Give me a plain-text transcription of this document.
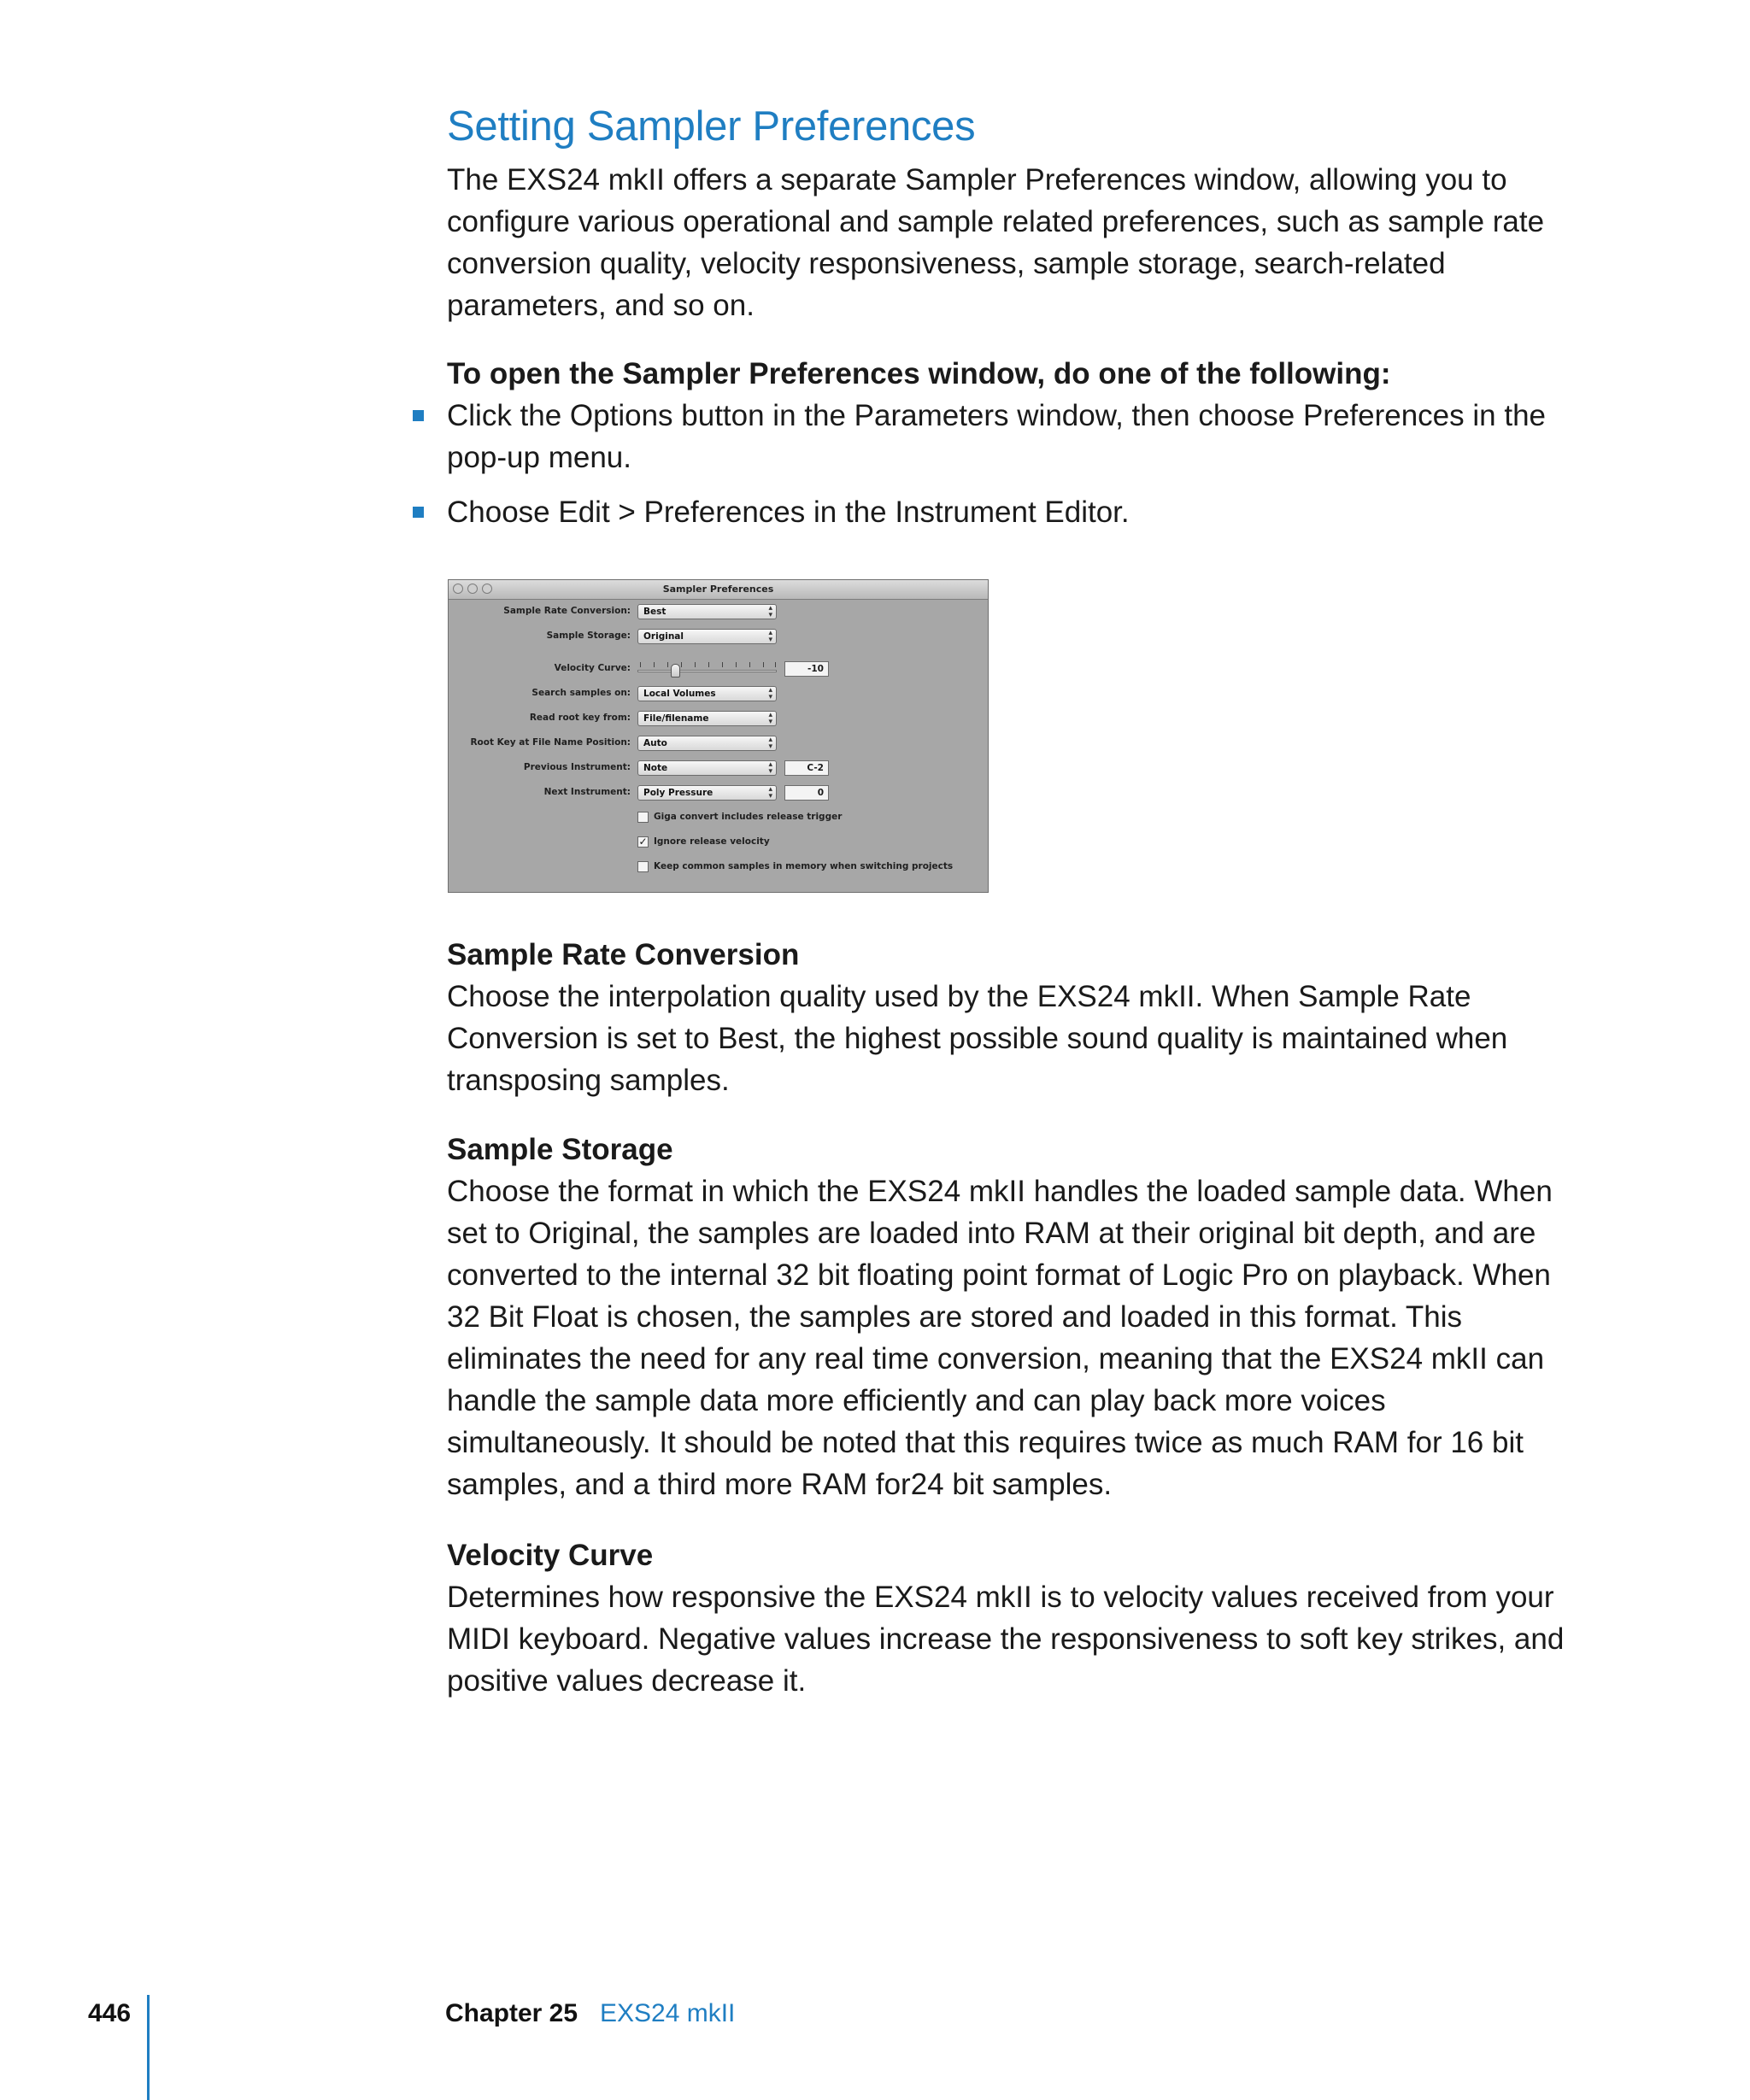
Setting Sampler Preferences

The EXS24 mkII offers a separate Sampler Preferences window, allowing you to configure various operational and sample related preferences, such as sample rate conversion quality, velocity responsiveness, sample storage, search-related parameters, and so on.

To open the Sampler Preferences window, do one of the following:

Click the Options button in the Parameters window, then choose Preferences in the pop-up menu.

Choose Edit > Preferences in the Instrument Editor.

Sampler Preferences
Sample Rate Conversion:	Best	▴
▾
Sample Storage:	Original	▴
▾
Velocity Curve:	-10
Search samples on:	Local Volumes	▴
▾
Read root key from:	File/filename	▴
▾
Root Key at File Name Position:	Auto	▴
▾
Previous Instrument:	Note	▴
▾	C-2
Next Instrument:	Poly Pressure	▴
▾	0
Giga convert includes release trigger
✓ Ignore release velocity
Keep common samples in memory when switching projects

Sample Rate Conversion

Choose the interpolation quality used by the EXS24 mkII. When Sample Rate Conversion is set to Best, the highest possible sound quality is maintained when transposing samples.

Sample Storage

Choose the format in which the EXS24 mkII handles the loaded sample data. When set to Original, the samples are loaded into RAM at their original bit depth, and are converted to the internal 32 bit floating point format of Logic Pro on playback. When 32 Bit Float is chosen, the samples are stored and loaded in this format. This eliminates the need for any real time conversion, meaning that the EXS24 mkII can handle the sample data more efficiently and can play back more voices simultaneously. It should be noted that this requires twice as much RAM for 16 bit samples, and a third more RAM for24 bit samples.

Velocity Curve

Determines how responsive the EXS24 mkII is to velocity values received from your MIDI keyboard. Negative values increase the responsiveness to soft key strikes, and positive values decrease it.

446	Chapter 25 EXS24 mkII
